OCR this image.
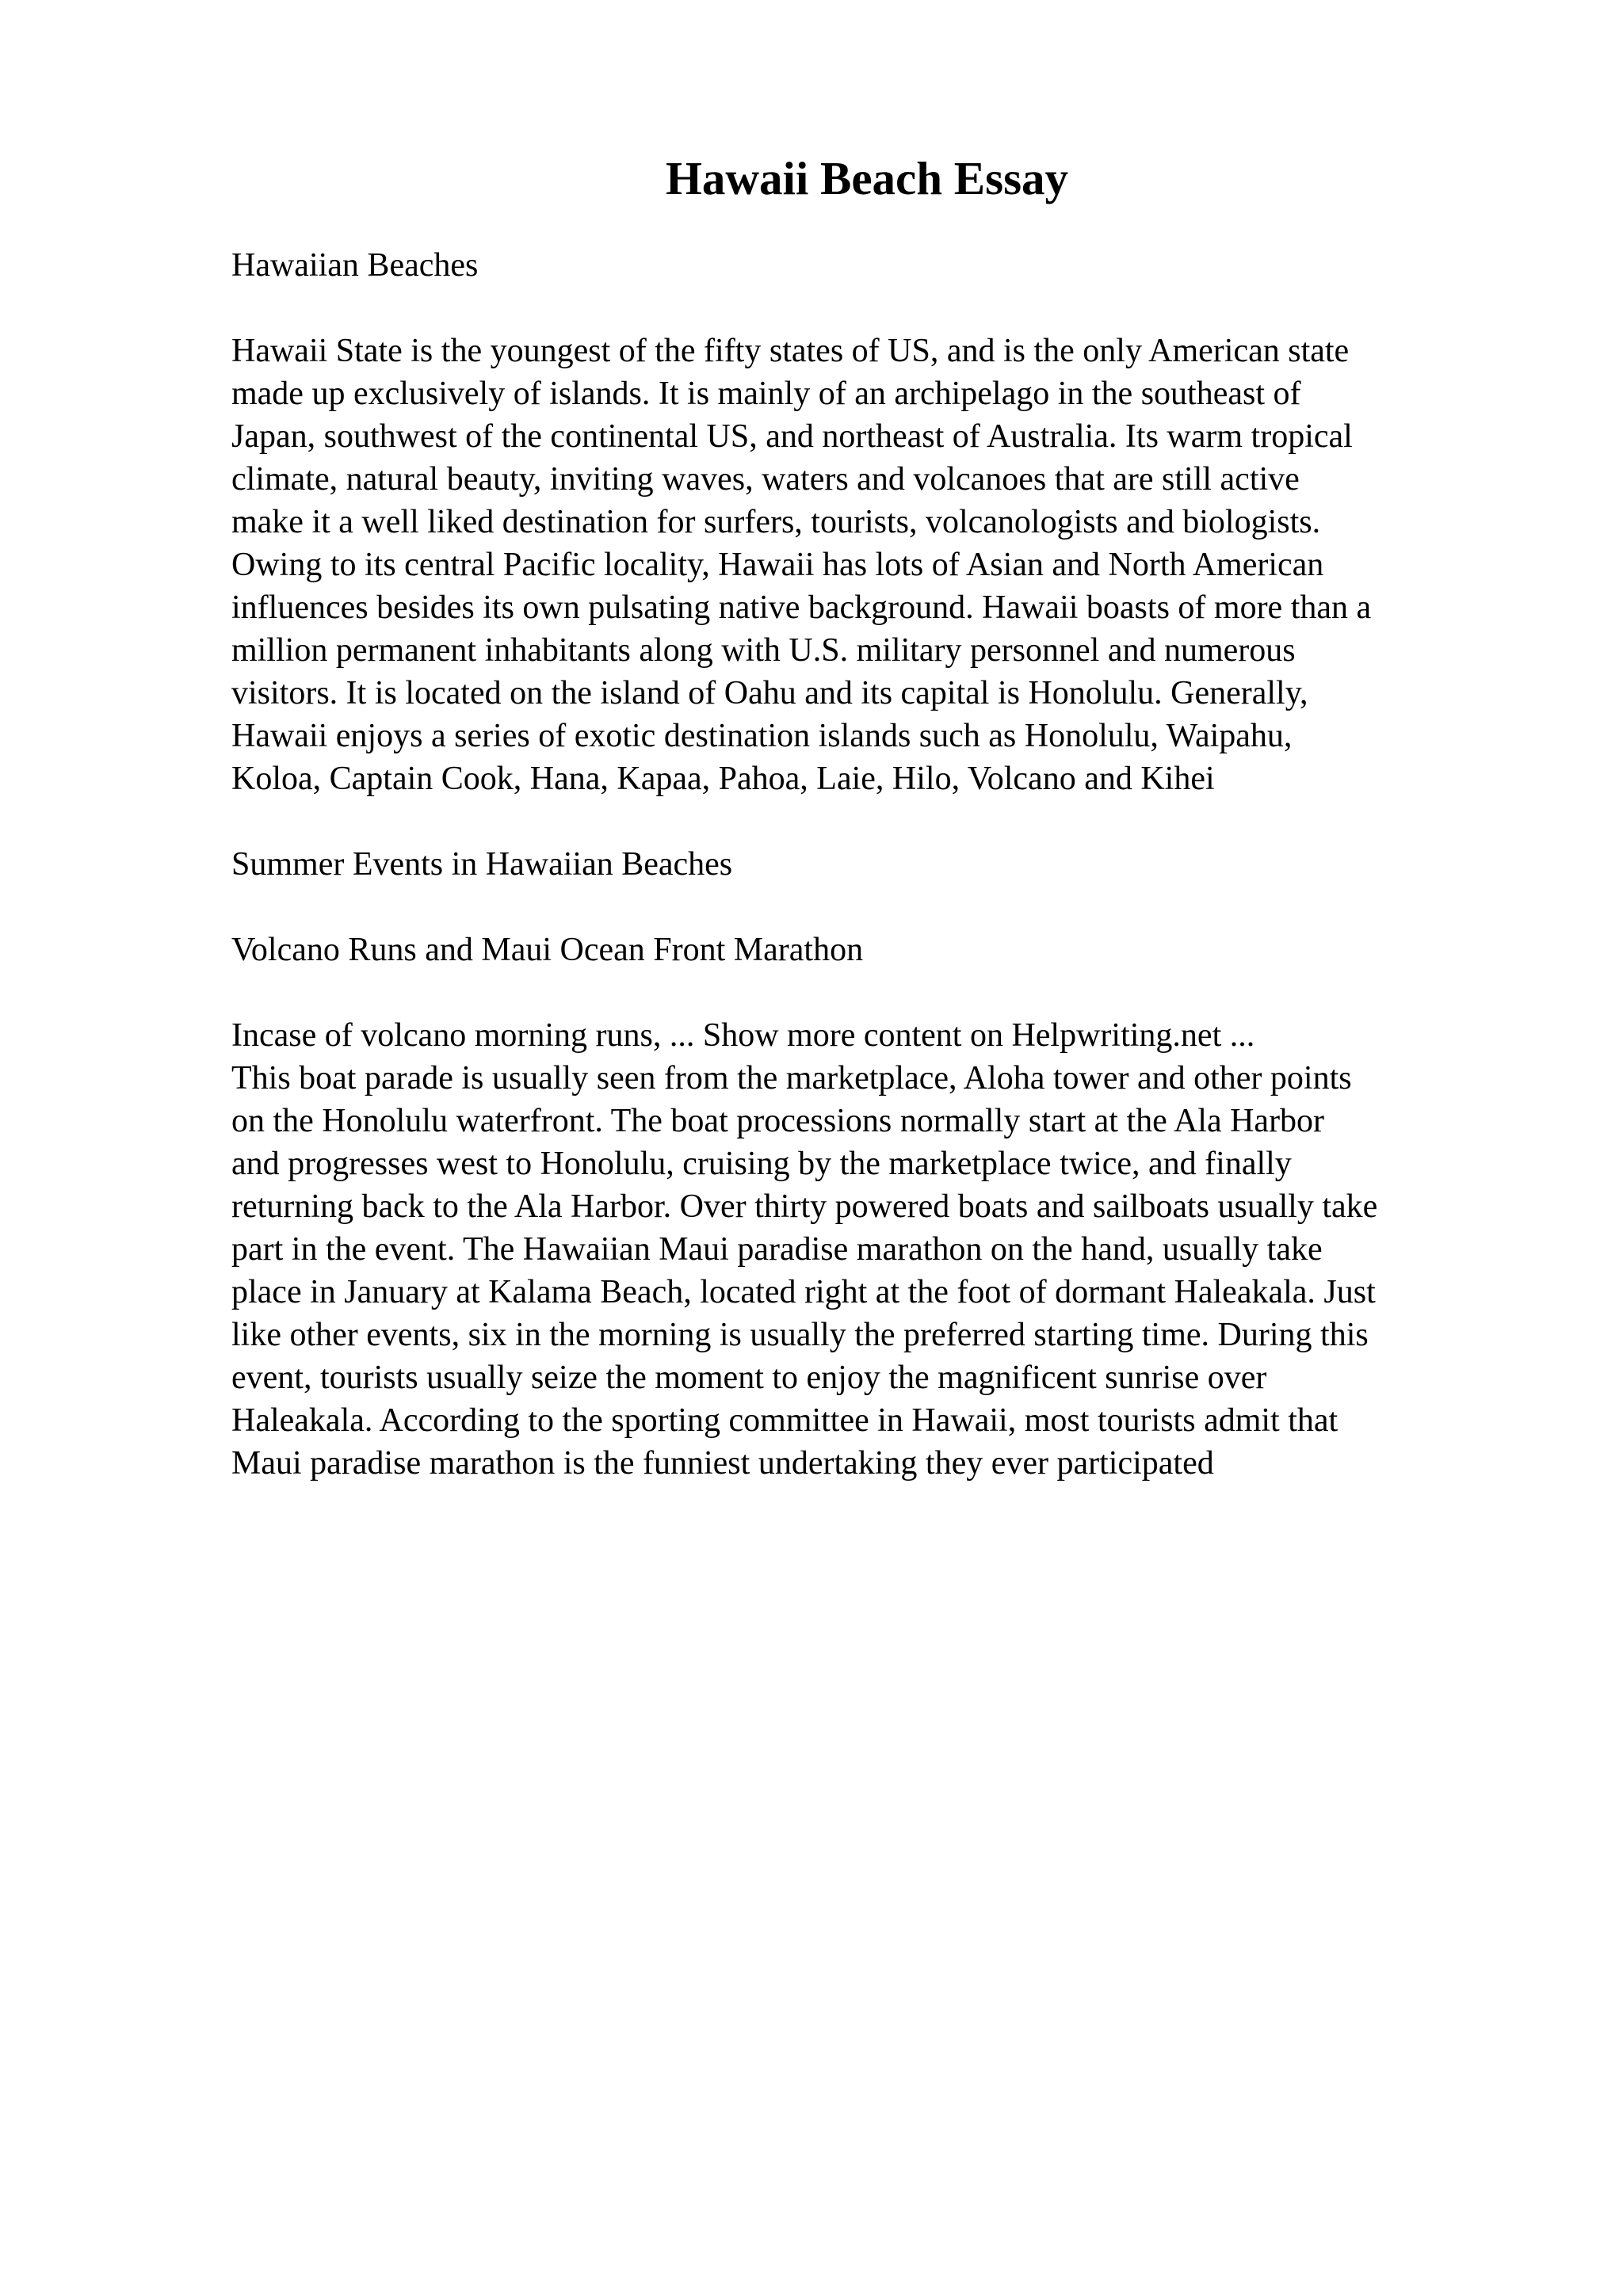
Hawaii Beach Essay

Hawaiian Beaches

Hawaii State is the youngest of the fifty states of US, and is the only American state
made up exclusively of islands. It is mainly of an archipelago in the southeast of
Japan, southwest of the continental US, and northeast of Australia. Its warm tropical
climate, natural beauty, inviting waves, waters and volcanoes that are still active
make it a well liked destination for surfers, tourists, volcanologists and biologists.
Owing to its central Pacific locality, Hawaii has lots of Asian and North American
influences besides its own pulsating native background. Hawaii boasts of more than a
million permanent inhabitants along with U.S. military personnel and numerous
visitors. It is located on the island of Oahu and its capital is Honolulu. Generally,
Hawaii enjoys a series of exotic destination islands such as Honolulu, Waipahu,
Koloa, Captain Cook, Hana, Kapaa, Pahoa, Laie, Hilo, Volcano and Kihei

Summer Events in Hawaiian Beaches

Volcano Runs and Maui Ocean Front Marathon

Incase of volcano morning runs, ... Show more content on Helpwriting.net ...
This boat parade is usually seen from the marketplace, Aloha tower and other points
on the Honolulu waterfront. The boat processions normally start at the Ala Harbor
and progresses west to Honolulu, cruising by the marketplace twice, and finally
returning back to the Ala Harbor. Over thirty powered boats and sailboats usually take
part in the event. The Hawaiian Maui paradise marathon on the hand, usually take
place in January at Kalama Beach, located right at the foot of dormant Haleakala. Just
like other events, six in the morning is usually the preferred starting time. During this
event, tourists usually seize the moment to enjoy the magnificent sunrise over
Haleakala. According to the sporting committee in Hawaii, most tourists admit that
Maui paradise marathon is the funniest undertaking they ever participated
